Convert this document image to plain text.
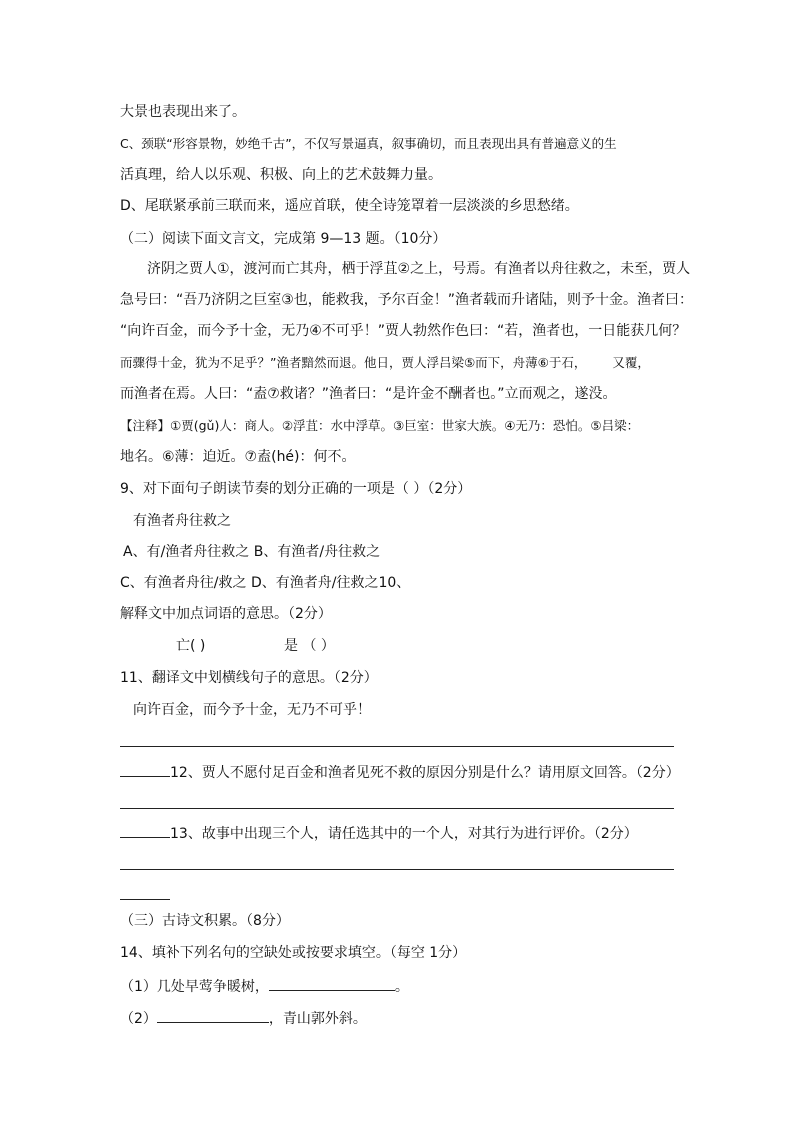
大景也表现出来了。
C、颈联“形容景物，妙绝千古”，不仅写景逼真，叙事确切，而且表现出具有普遍意义的生
活真理，给人以乐观、积极、向上的艺术鼓舞力量。
D、尾联紧承前三联而来，遥应首联，使全诗笼罩着一层淡淡的乡思愁绪。
（二）阅读下面文言文，完成第 9—13 题。（10分）
济阴之贾人①，渡河而亡其舟，栖于浮苴②之上，号焉。有渔者以舟往救之，未至，贾人
急号曰：“吾乃济阴之巨室③也，能救我，予尔百金！”渔者载而升诸陆，则予十金。渔者曰：
“向许百金，而今予十金，无乃④不可乎！”贾人勃然作色曰：“若，渔者也，一日能获几何？
而骤得十金，犹为不足乎？”渔者黯然而退。他日，贾人浮吕梁⑤而下，舟薄⑥于石， 又覆，
而渔者在焉。人曰：“盍⑦救诸？”渔者曰：“是许金不酬者也。”立而观之，遂没。
【注释】①贾(gǔ)人：商人。②浮苴：水中浮草。③巨室：世家大族。④无乃：恐怕。⑤吕梁：
地名。⑥薄：迫近。⑦盍(hé)：何不。
9、对下面句子朗读节奏的划分正确的一项是（ ）（2分）
有渔者舟往救之
A、有/渔者舟往救之 B、有渔者/舟往救之
C、有渔者舟往/救之 D、有渔者舟/往救之10、
解释文中加点词语的意思。（2分）
亡( )	是 （ ）
11、翻译文中划横线句子的意思。（2分）
向许百金，而今予十金，无乃不可乎！
12、贾人不愿付足百金和渔者见死不救的原因分别是什么？请用原文回答。（2分）
13、故事中出现三个人，请任选其中的一个人，对其行为进行评价。（2分）
（三）古诗文积累。（8分）
14、填补下列名句的空缺处或按要求填空。（每空 1分）
（1）几处早莺争暖树，	。
（2）	，青山郭外斜。
